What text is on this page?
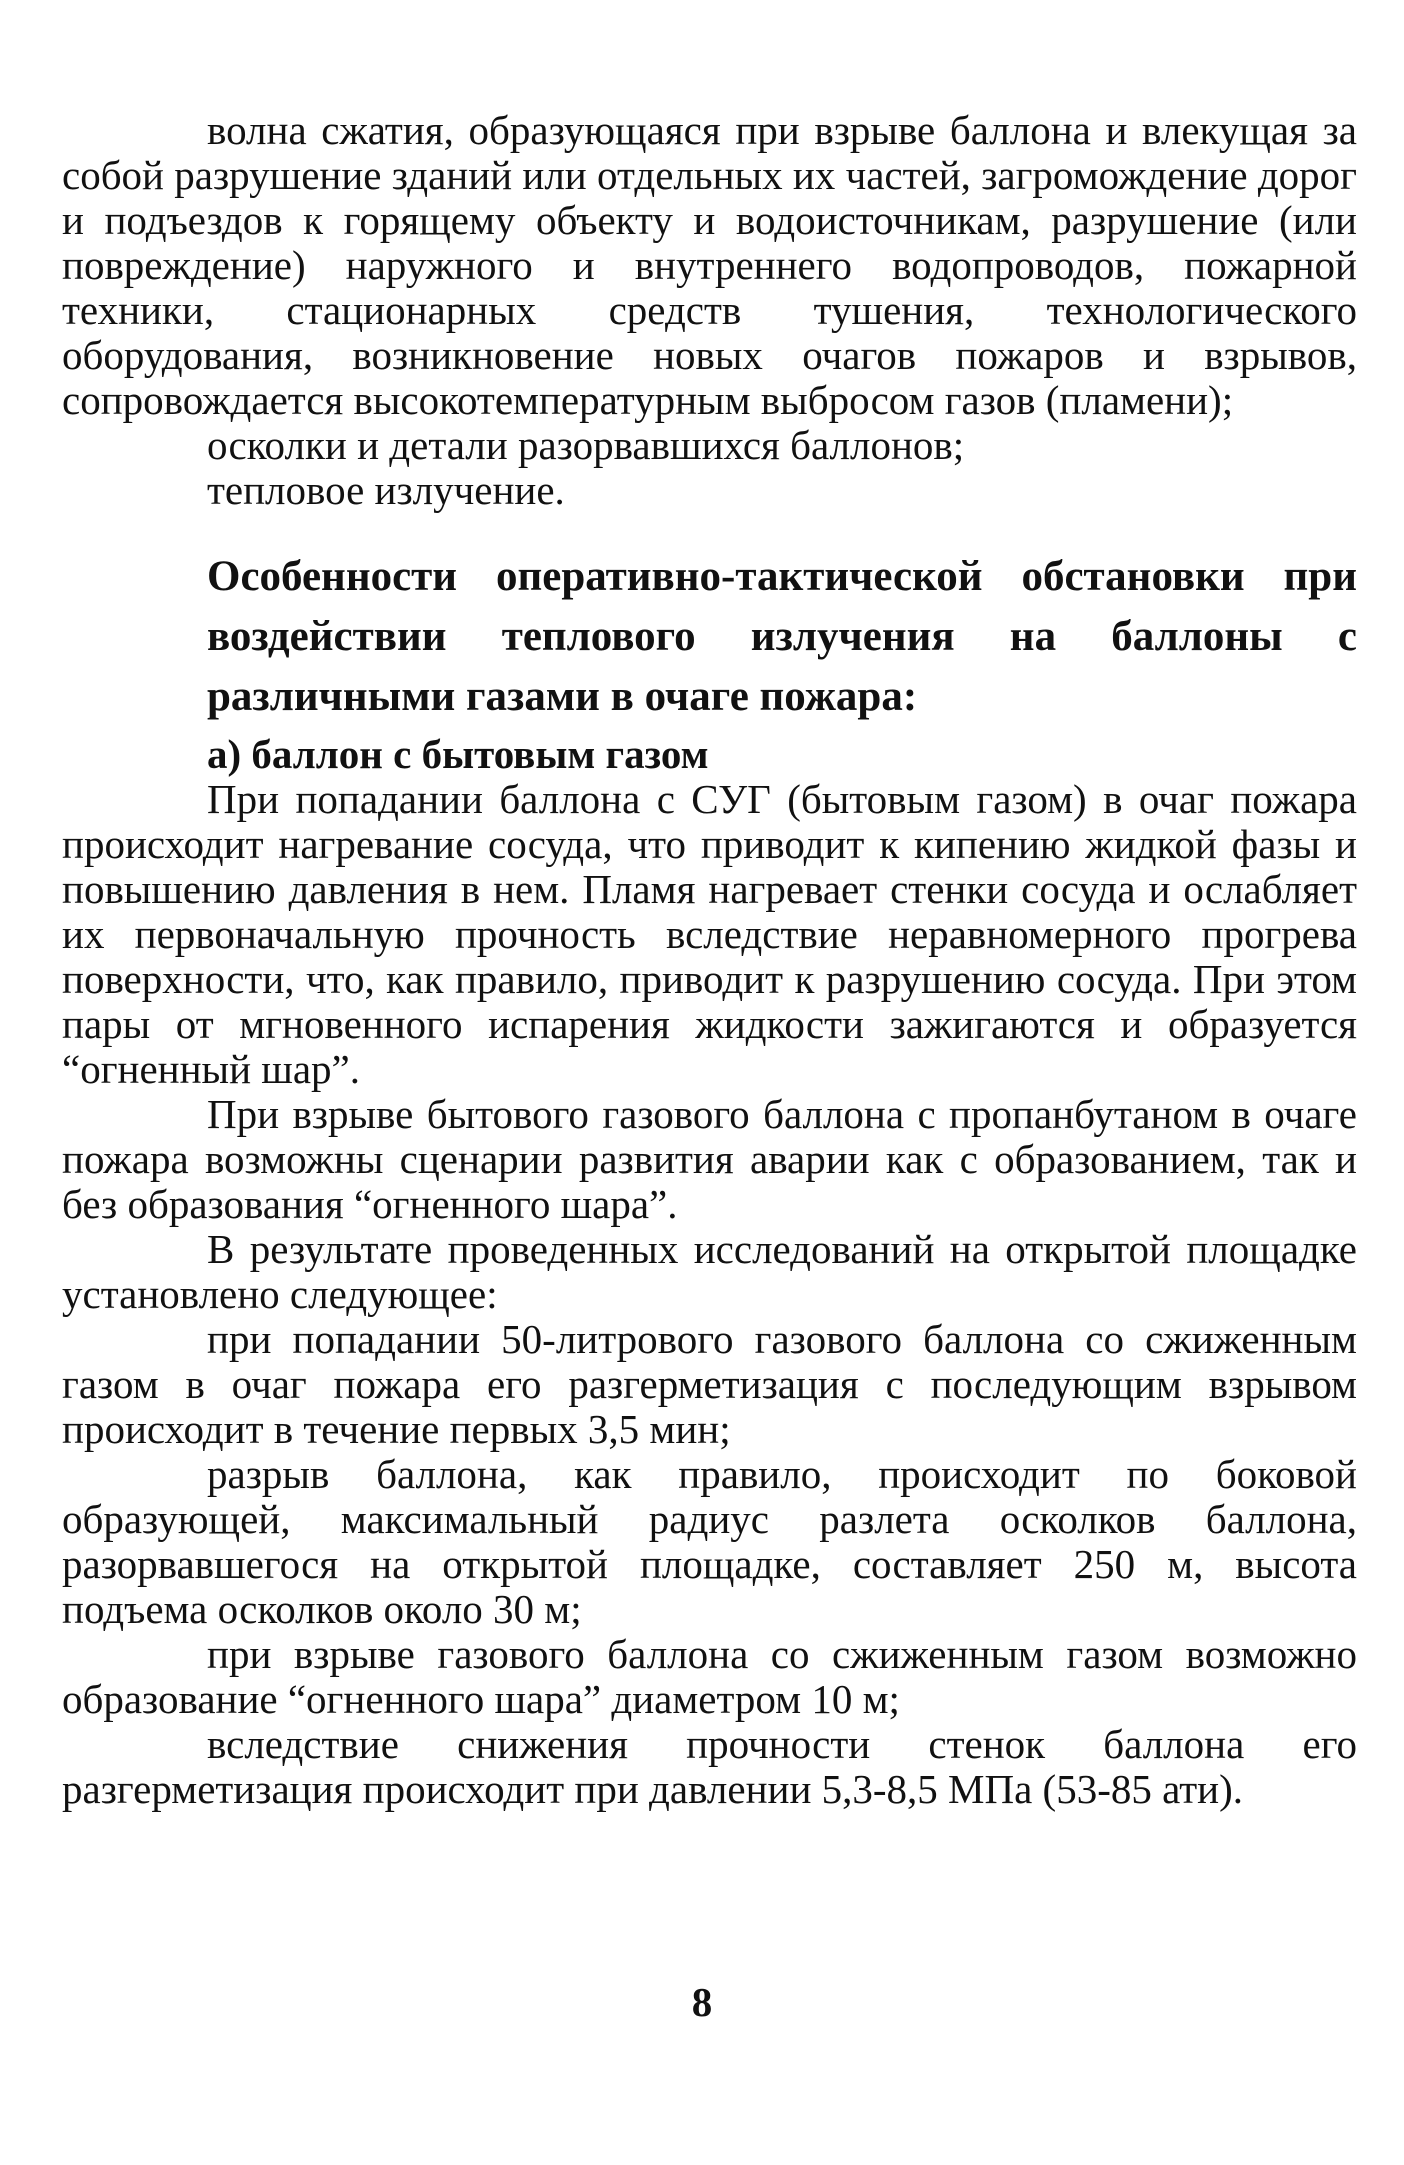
волна сжатия, образующаяся при взрыве баллона и влекущая за собой разрушение зданий или отдельных их частей, загромождение дорог и подъездов к горящему объекту и водоисточникам, разрушение (или повреждение) наружного и внутреннего водопроводов, пожарной техники, стационарных средств тушения, технологического оборудования, возникновение новых очагов пожаров и взрывов, сопровождается высокотемпературным выбросом газов (пламени);

осколки и детали разорвавшихся баллонов;

тепловое излучение.

Особенности оперативно-тактической обстановки при воздействии теплового излучения на баллоны с различными газами в очаге пожара:
а) баллон с бытовым газом

При попадании баллона с СУГ (бытовым газом) в очаг пожара происходит нагревание сосуда, что приводит к кипению жидкой фазы и повышению давления в нем. Пламя нагревает стенки сосуда и ослабляет их первоначальную прочность вследствие неравномерного прогрева поверхности, что, как правило, приводит к разрушению сосуда. При этом пары от мгновенного испарения жидкости зажигаются и образуется “огненный шар”.

При взрыве бытового газового баллона с пропанбутаном в очаге пожара возможны сценарии развития аварии как с образованием, так и без образования “огненного шара”.

В результате проведенных исследований на открытой площадке установлено следующее:

при попадании 50-литрового газового баллона со сжиженным газом в очаг пожара его разгерметизация с последующим взрывом происходит в течение первых 3,5 мин;

разрыв баллона, как правило, происходит по боковой образующей, максимальный радиус разлета осколков баллона, разорвавшегося на открытой площадке, составляет 250 м, высота подъема осколков около 30 м;

при взрыве газового баллона со сжиженным газом возможно образование “огненного шара” диаметром 10 м;

вследствие снижения прочности стенок баллона его разгерметизация происходит при давлении 5,3-8,5 МПа (53-85 ати).

8
